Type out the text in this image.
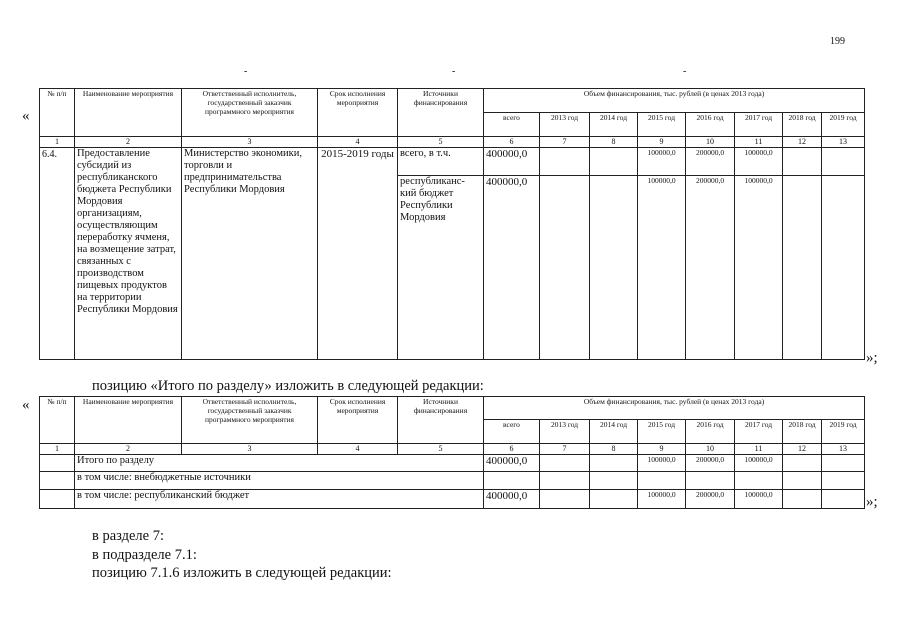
199
-	-	-
«
№ п/п	Наименование мероприятия	Ответственный исполнитель, государственный заказчик программного мероприятия	Срок исполнения мероприятия	Источники финансирования	Объем финансирования, тыс. рублей (в ценах 2013 года)							
					всего	2013 год	2014 год	2015 год	2016 год	2017 год	2018 год	2019 год
1	2	3	4	5	6	7	8	9	10	11	12	13
6.4.	Предоставление субсидий из республиканского бюджета Республики Мордовия организациям, осуществляющим переработку ячменя, на возмещение затрат, связанных с производством пищевых продуктов на территории Республики Мордовия	Министерство экономики, торговли и предпринимательства Республики Мордовия	2015-2019 годы	всего, в т.ч.	400000,0			100000,0	200000,0	100000,0		
				республиканс-кий бюджет Республики Мордовия	400000,0			100000,0	200000,0	100000,0		
»;
позицию «Итого по разделу» изложить в следующей редакции:
« № п/п	Наименование мероприятия	Ответственный исполнитель, государственный заказчик программного мероприятия	Срок исполнения мероприятия	Источники финансирования	Объем финансирования, тыс. рублей (в ценах 2013 года)							
					всего	2013 год	2014 год	2015 год	2016 год	2017 год	2018 год	2019 год
1	2	3	4	5	6	7	8	9	10	11	12	13
	Итого по разделу				400000,0			100000,0	200000,0	100000,0		
	в том числе: внебюджетные источники											
	в том числе: республиканский бюджет				400000,0			100000,0	200000,0	100000,0			»;
в разделе 7:
в подразделе 7.1:
позицию 7.1.6 изложить в следующей редакции:
